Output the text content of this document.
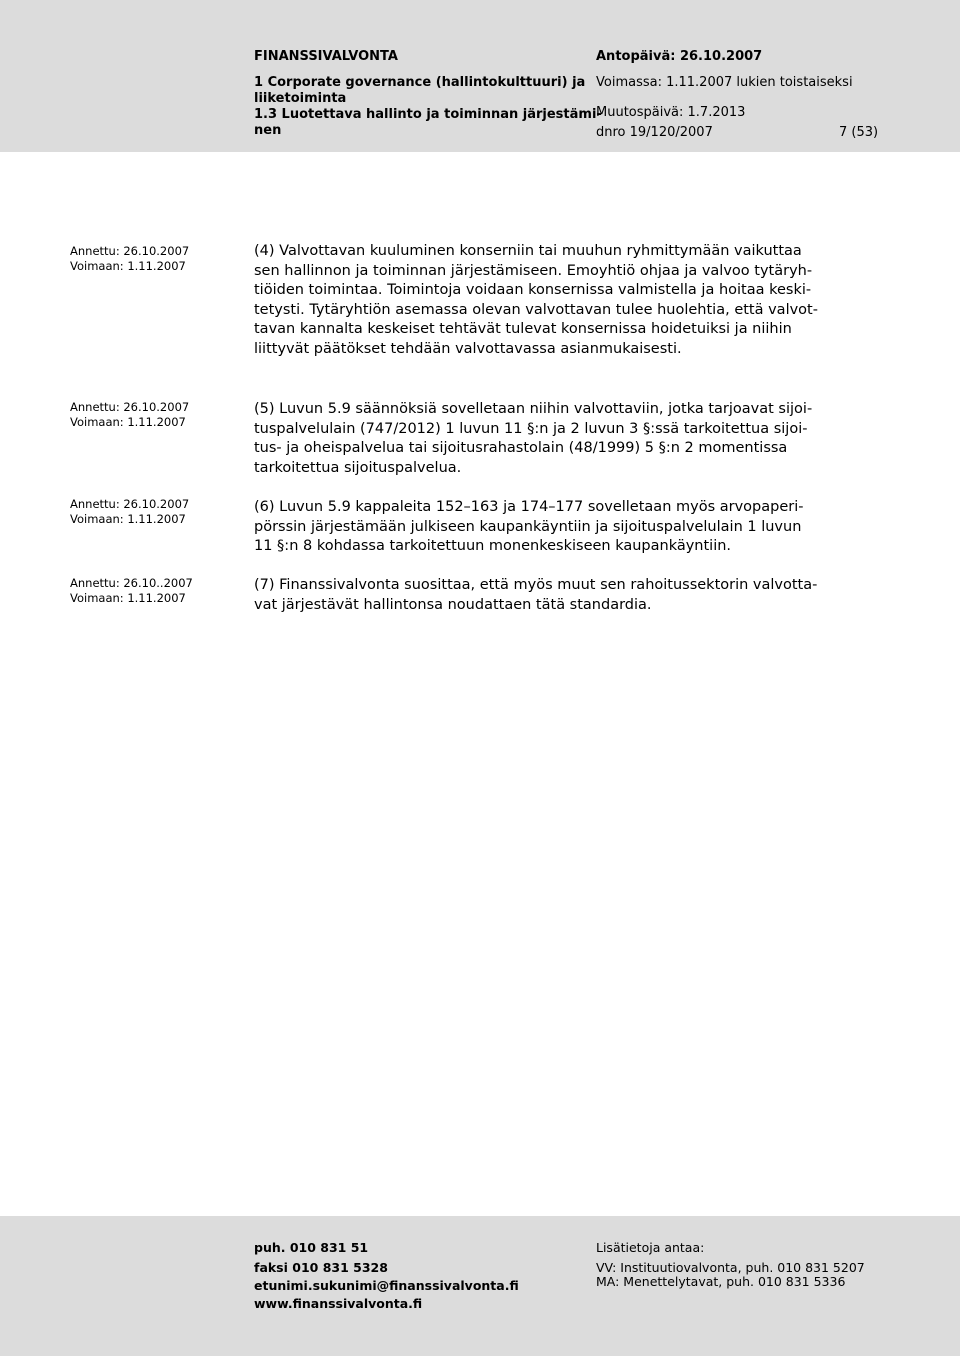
FINANSSIVALVONTA
1 Corporate governance (hallintokulttuuri) ja
liiketoiminta
1.3 Luotettava hallinto ja toiminnan järjestämi-
nen
Antopäivä: 26.10.2007
Voimassa: 1.11.2007 lukien toistaiseksi
Muutospäivä: 1.7.2013
dnro 19/120/2007	7 (53)
Annettu: 26.10.2007
Voimaan: 1.11.2007
(4) Valvottavan kuuluminen konserniin tai muuhun ryhmittymään vaikuttaa
sen hallinnon ja toiminnan järjestämiseen. Emoyhtiö ohjaa ja valvoo tytäryh-
tiöiden toimintaa. Toimintoja voidaan konsernissa valmistella ja hoitaa keski-
tetysti. Tytäryhtiön asemassa olevan valvottavan tulee huolehtia, että valvot-
tavan kannalta keskeiset tehtävät tulevat konsernissa hoidetuiksi ja niihin
liittyvät päätökset tehdään valvottavassa asianmukaisesti.
Annettu: 26.10.2007
Voimaan: 1.11.2007
(5) Luvun 5.9 säännöksiä sovelletaan niihin valvottaviin, jotka tarjoavat sijoi-
tuspalvelulain (747/2012) 1 luvun 11 §:n ja 2 luvun 3 §:ssä tarkoitettua sijoi-
tus- ja oheispalvelua tai sijoitusrahastolain (48/1999) 5 §:n 2 momentissa
tarkoitettua sijoituspalvelua.
Annettu: 26.10.2007
Voimaan: 1.11.2007
(6) Luvun 5.9 kappaleita 152–163 ja 174–177 sovelletaan myös arvopaperi-
pörssin järjestämään julkiseen kaupankäyntiin ja sijoituspalvelulain 1 luvun
11 §:n 8 kohdassa tarkoitettuun monenkeskiseen kaupankäyntiin.
Annettu: 26.10..2007
Voimaan: 1.11.2007
(7) Finanssivalvonta suosittaa, että myös muut sen rahoitussektorin valvotta-
vat järjestävät hallintonsa noudattaen tätä standardia.
puh. 010 831 51
faksi 010 831 5328
etunimi.sukunimi@finanssivalvonta.fi
www.finanssivalvonta.fi
Lisätietoja antaa:
VV: Instituutiovalvonta, puh. 010 831 5207
MA: Menettelytavat, puh. 010 831 5336
